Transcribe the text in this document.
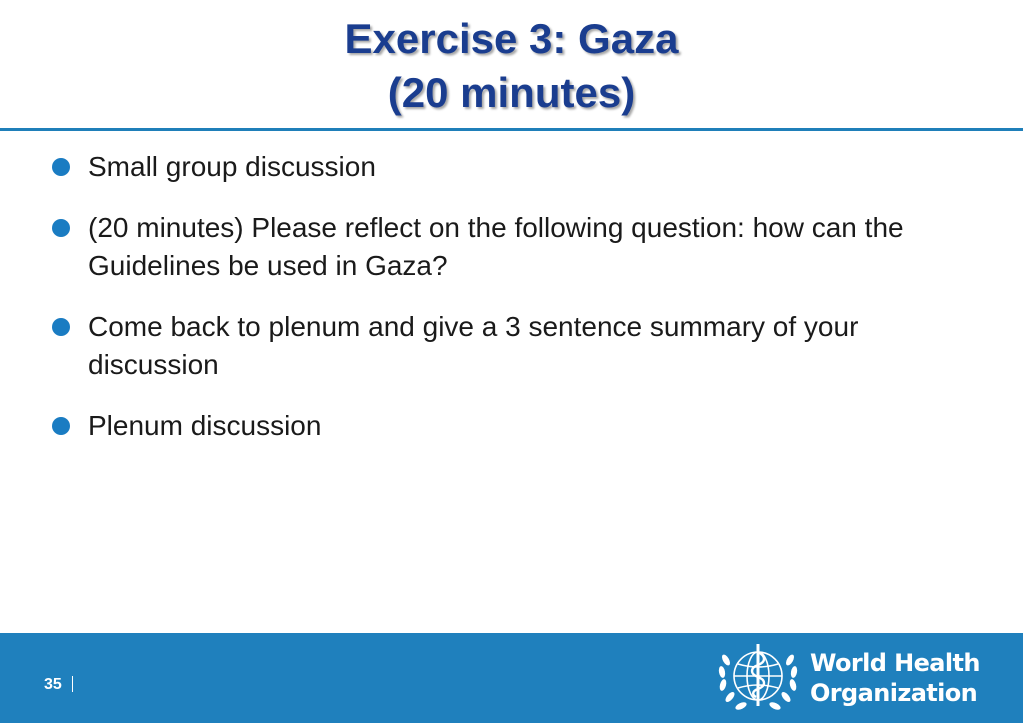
Exercise 3: Gaza
(20 minutes)
Small group discussion
(20 minutes) Please reflect on the following question: how can the Guidelines be used in Gaza?
Come back to plenum and give a 3 sentence summary of your discussion
Plenum discussion
35
World Health
Organization
